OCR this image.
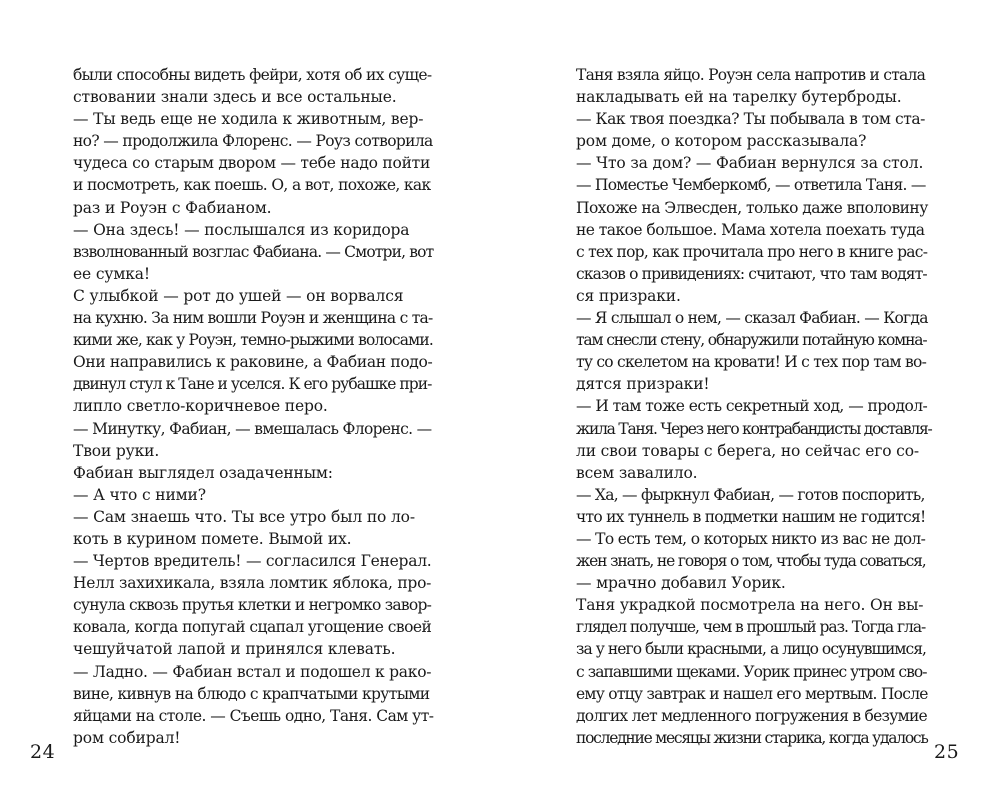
были способны видеть фейри, хотя об их суще-
ствовании знали здесь и все остальные.
— Ты ведь еще не ходила к животным, вер-
но? — продолжила Флоренс. — Роуз сотворила
чудеса со старым двором — тебе надо пойти
и посмотреть, как поешь. О, а вот, похоже, как
раз и Роуэн с Фабианом.
— Она здесь! — послышался из коридора
взволнованный возглас Фабиана. — Смотри, вот
ее сумка!
С улыбкой — рот до ушей — он ворвался
на кухню. За ним вошли Роуэн и женщина с та-
кими же, как у Роуэн, темно-рыжими волосами.
Они направились к раковине, а Фабиан подо-
двинул стул к Тане и уселся. К его рубашке при-
липло светло-коричневое перо.
— Минутку, Фабиан, — вмешалась Флоренс. —
Твои руки.
Фабиан выглядел озадаченным:
— А что с ними?
— Сам знаешь что. Ты все утро был по ло-
коть в курином помете. Вымой их.
— Чертов вредитель! — согласился Генерал.
Нелл захихикала, взяла ломтик яблока, про-
сунула сквозь прутья клетки и негромко завор-
ковала, когда попугай сцапал угощение своей
чешуйчатой лапой и принялся клевать.
— Ладно. — Фабиан встал и подошел к рако-
вине, кивнув на блюдо с крапчатыми крутыми
яйцами на столе. — Съешь одно, Таня. Сам ут-
ром собирал!
24
Таня взяла яйцо. Роуэн села напротив и стала
накладывать ей на тарелку бутерброды.
— Как твоя поездка? Ты побывала в том ста-
ром доме, о котором рассказывала?
— Что за дом? — Фабиан вернулся за стол.
— Поместье Чемберкомб, — ответила Таня. —
Похоже на Элвесден, только даже вполовину
не такое большое. Мама хотела поехать туда
с тех пор, как прочитала про него в книге рас-
сказов о привидениях: считают, что там водят-
ся призраки.
— Я слышал о нем, — сказал Фабиан. — Когда
там снесли стену, обнаружили потайную комна-
ту со скелетом на кровати! И с тех пор там во-
дятся призраки!
— И там тоже есть секретный ход, — продол-
жила Таня. Через него контрабандисты доставля-
ли свои товары с берега, но сейчас его со-
всем завалило.
— Ха, — фыркнул Фабиан, — готов поспорить,
что их туннель в подметки нашим не годится!
— То есть тем, о которых никто из вас не дол-
жен знать, не говоря о том, чтобы туда соваться,
— мрачно добавил Уорик.
Таня украдкой посмотрела на него. Он вы-
глядел получше, чем в прошлый раз. Тогда гла-
за у него были красными, а лицо осунувшимся,
с запавшими щеками. Уорик принес утром сво-
ему отцу завтрак и нашел его мертвым. После
долгих лет медленного погружения в безумие
последние месяцы жизни старика, когда удалось
25
